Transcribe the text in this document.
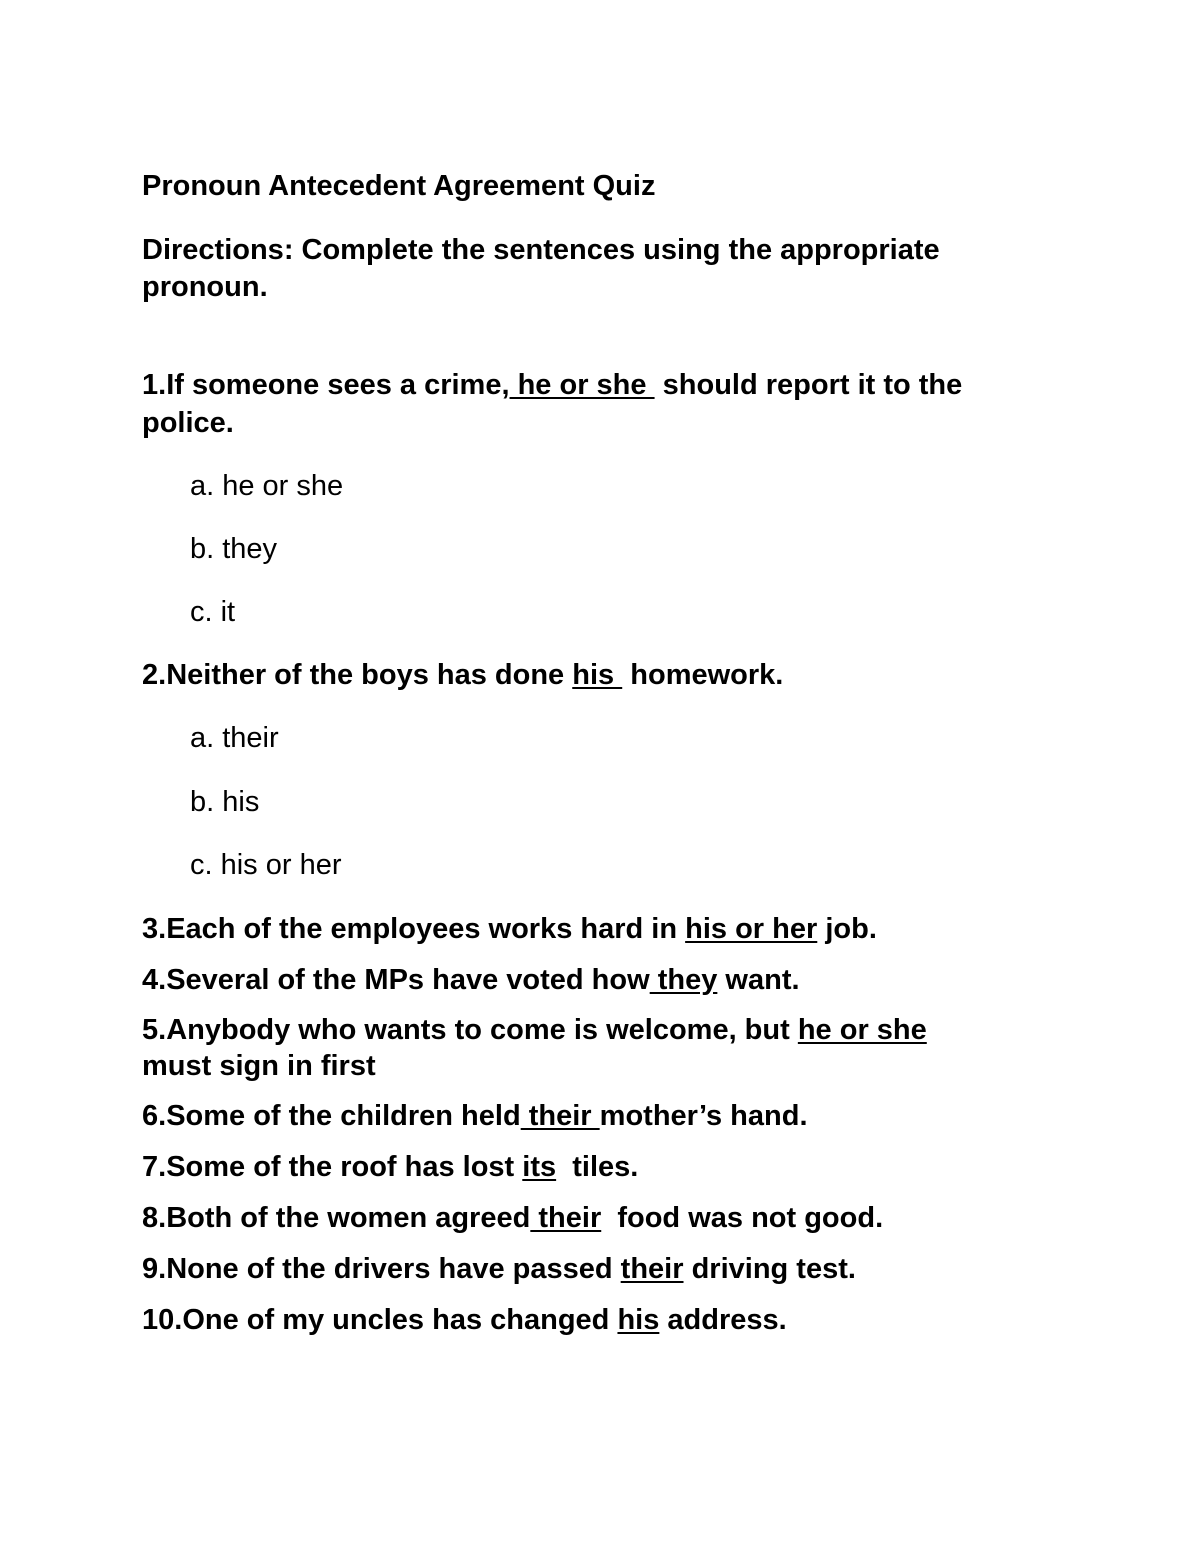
Pronoun Antecedent Agreement Quiz
Directions: Complete the sentences using the appropriate
pronoun.
1.If someone sees a crime, he or she  should report it to the
police.
a. he or she
b. they
c. it
2.Neither of the boys has done his  homework.
a. their
b. his
c. his or her
3.Each of the employees works hard in his or her job.
4.Several of the MPs have voted how they want.
5.Anybody who wants to come is welcome, but he or she
must sign in first
6.Some of the children held their mother’s hand.
7.Some of the roof has lost its  tiles.
8.Both of the women agreed their  food was not good.
9.None of the drivers have passed their driving test.
10.One of my uncles has changed his address.
